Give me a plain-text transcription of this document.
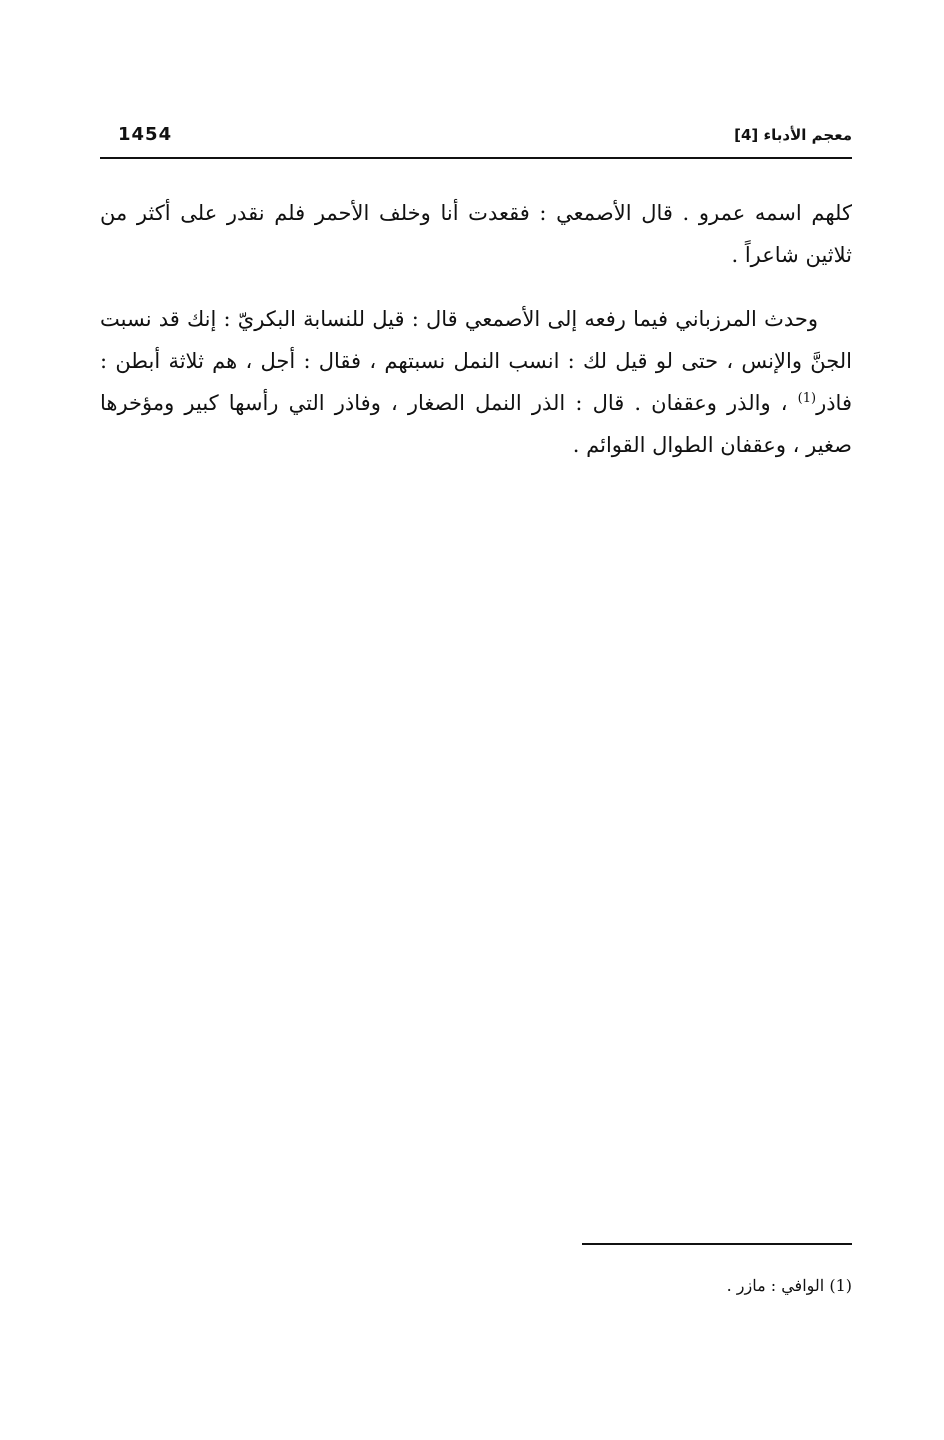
1454	معجم الأدباء [4]

كلهم اسمه عمرو . قال الأصمعي : فقعدت أنا وخلف الأحمر فلم نقدر على أكثر من ثلاثين شاعراً .

وحدث المرزباني فيما رفعه إلى الأصمعي قال : قيل للنسابة البكريّ : إنك قد نسبت الجنَّ والإنس ، حتى لو قيل لك : انسب النمل نسبتهم ، فقال : أجل ، هم ثلاثة أبطن : فاذر$^{(1)}$ ، والذر وعقفان . قال : الذر النمل الصغار ، وفاذر التي رأسها كبير ومؤخرها صغير ، وعقفان الطوال القوائم .

(1) الوافي : مازر .
